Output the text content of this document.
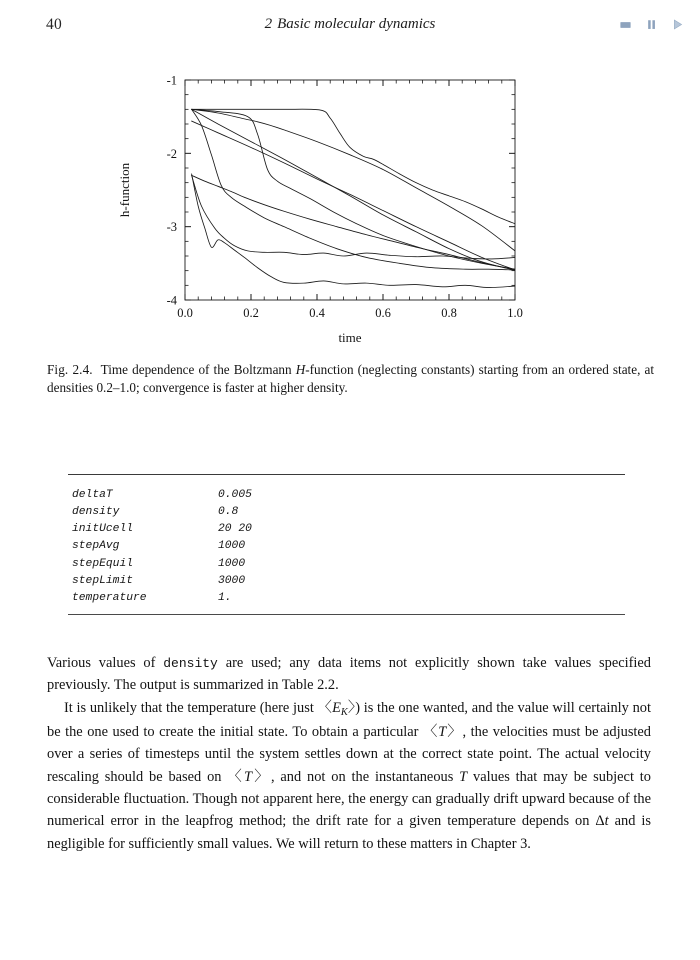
40	2 Basic molecular dynamics
0.0	0.2	0.4	0.6	0.8	1.0
-1
-2
-3
-4
time
h-function
Fig. 2.4. Time dependence of the Boltzmann H-function (neglecting constants) starting from an ordered state, at densities 0.2–1.0; convergence is faster at higher density.
deltaT	0.005
density	0.8
initUcell	20 20
stepAvg	1000
stepEquil	1000
stepLimit	3000
temperature	1.

Various values of density are used; any data items not explicitly shown take values specified previously. The output is summarized in Table 2.2.

It is unlikely that the temperature (here just 〈$E_K$〉) is the one wanted, and the value will certainly not be the one used to create the initial state. To obtain a particular 〈T〉, the velocities must be adjusted over a series of timesteps until the system settles down at the correct state point. The actual velocity rescaling should be based on 〈T〉, and not on the instantaneous T values that may be subject to considerable fluctuation. Though not apparent here, the energy can gradually drift upward because of the numerical error in the leapfrog method; the drift rate for a given temperature depends on Δt and is negligible for sufficiently small values. We will return to these matters in Chapter 3.
